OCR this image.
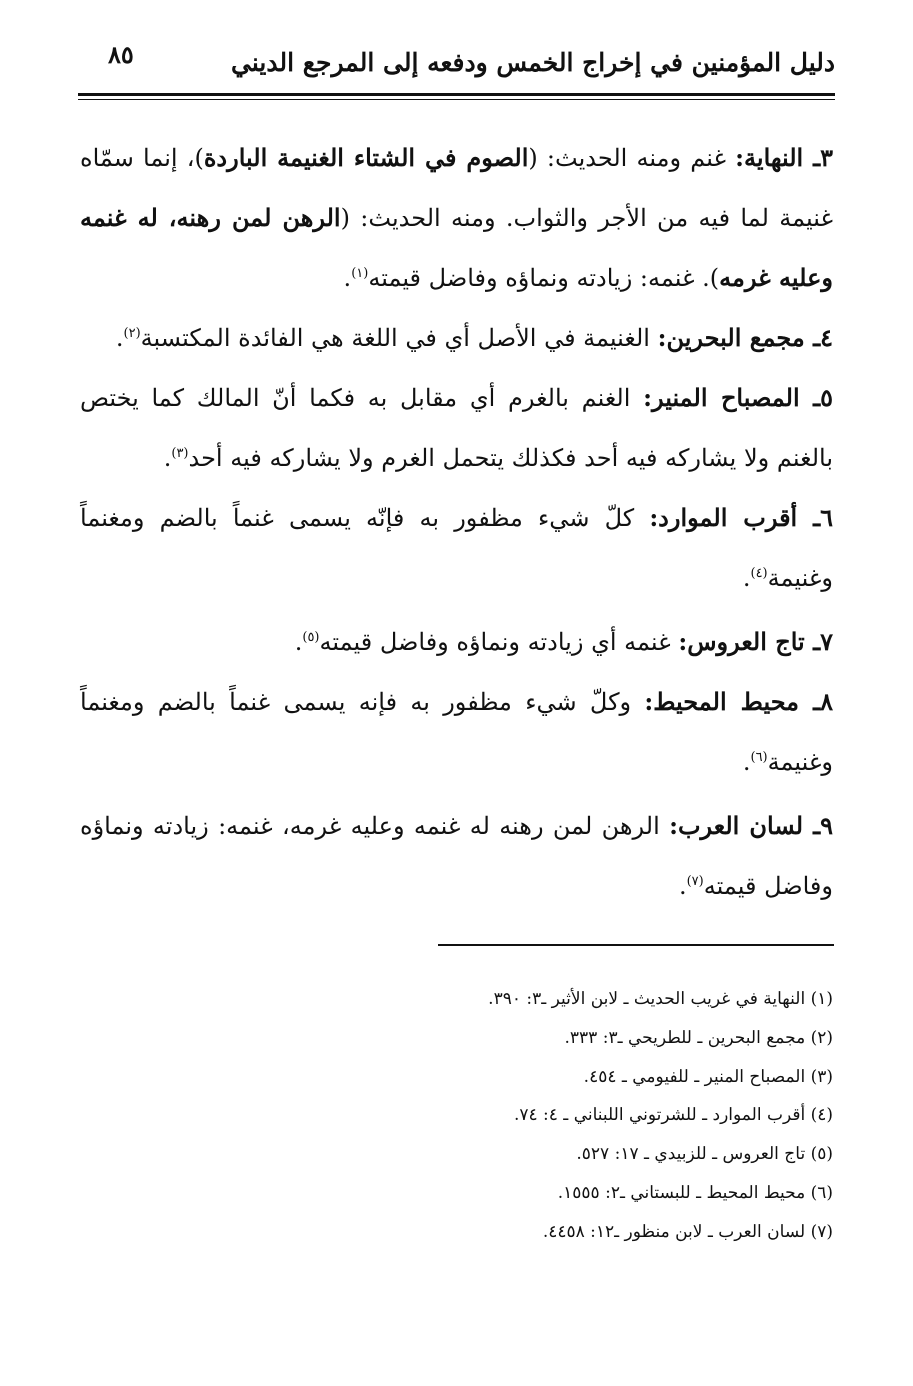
دليل المؤمنين في إخراج الخمس ودفعه إلى المرجع الديني
٨٥

٣ـ النهاية: غنم ومنه الحديث: (الصوم في الشتاء الغنيمة الباردة)، إنما سمّاه غنيمة لما فيه من الأجر والثواب. ومنه الحديث: (الرهن لمن رهنه، له غنمه وعليه غرمه). غنمه: زيادته ونماؤه وفاضل قيمته$^{(١)}$.

٤ـ مجمع البحرين: الغنيمة في الأصل أي في اللغة هي الفائدة المكتسبة$^{(٢)}$.

٥ـ المصباح المنير: الغنم بالغرم أي مقابل به فكما أنّ المالك كما يختص بالغنم ولا يشاركه فيه أحد فكذلك يتحمل الغرم ولا يشاركه فيه أحد$^{(٣)}$.

٦ـ أقرب الموارد: كلّ شيء مظفور به فإنّه يسمى غنماً بالضم ومغنماً وغنيمة$^{(٤)}$.

٧ـ تاج العروس: غنمه أي زيادته ونماؤه وفاضل قيمته$^{(٥)}$.

٨ـ محيط المحيط: وكلّ شيء مظفور به فإنه يسمى غنماً بالضم ومغنماً وغنيمة$^{(٦)}$.

٩ـ لسان العرب: الرهن لمن رهنه له غنمه وعليه غرمه، غنمه: زيادته ونماؤه وفاضل قيمته$^{(٧)}$.

(١) النهاية في غريب الحديث ـ لابن الأثير ـ٣: ٣٩٠.
(٢) مجمع البحرين ـ للطريحي ـ٣: ٣٣٣.
(٣) المصباح المنير ـ للفيومي ـ ٤٥٤.
(٤) أقرب الموارد ـ للشرتوني اللبناني ـ ٤: ٧٤.
(٥) تاج العروس ـ للزبيدي ـ ١٧: ٥٢٧.
(٦) محيط المحيط ـ للبستاني ـ٢: ١٥٥٥.
(٧) لسان العرب ـ لابن منظور ـ١٢: ٤٤٥٨.
